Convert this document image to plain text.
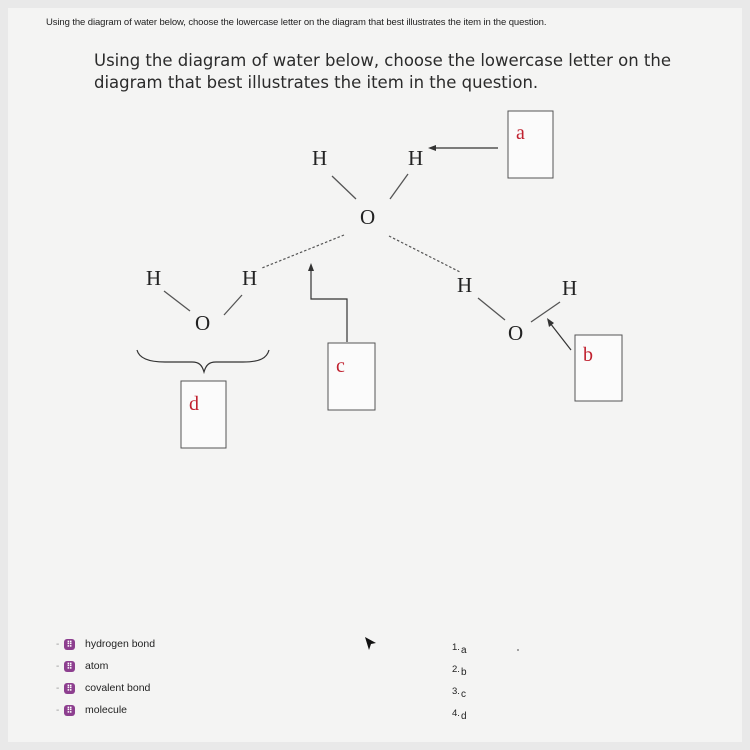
Using the diagram of water below, choose the lowercase letter on the diagram that best illustrates the item in the question.
Using the diagram of water below, choose the lowercase letter on the diagram that best illustrates the item in the question.
H	H
O
H	H
O
H	H
O
a
c	b
d
- ⠿ hydrogen bond
- ⠿ atom
- ⠿ covalent bond
- ⠿ molecule
1. a
2. b
3. c
4. d
